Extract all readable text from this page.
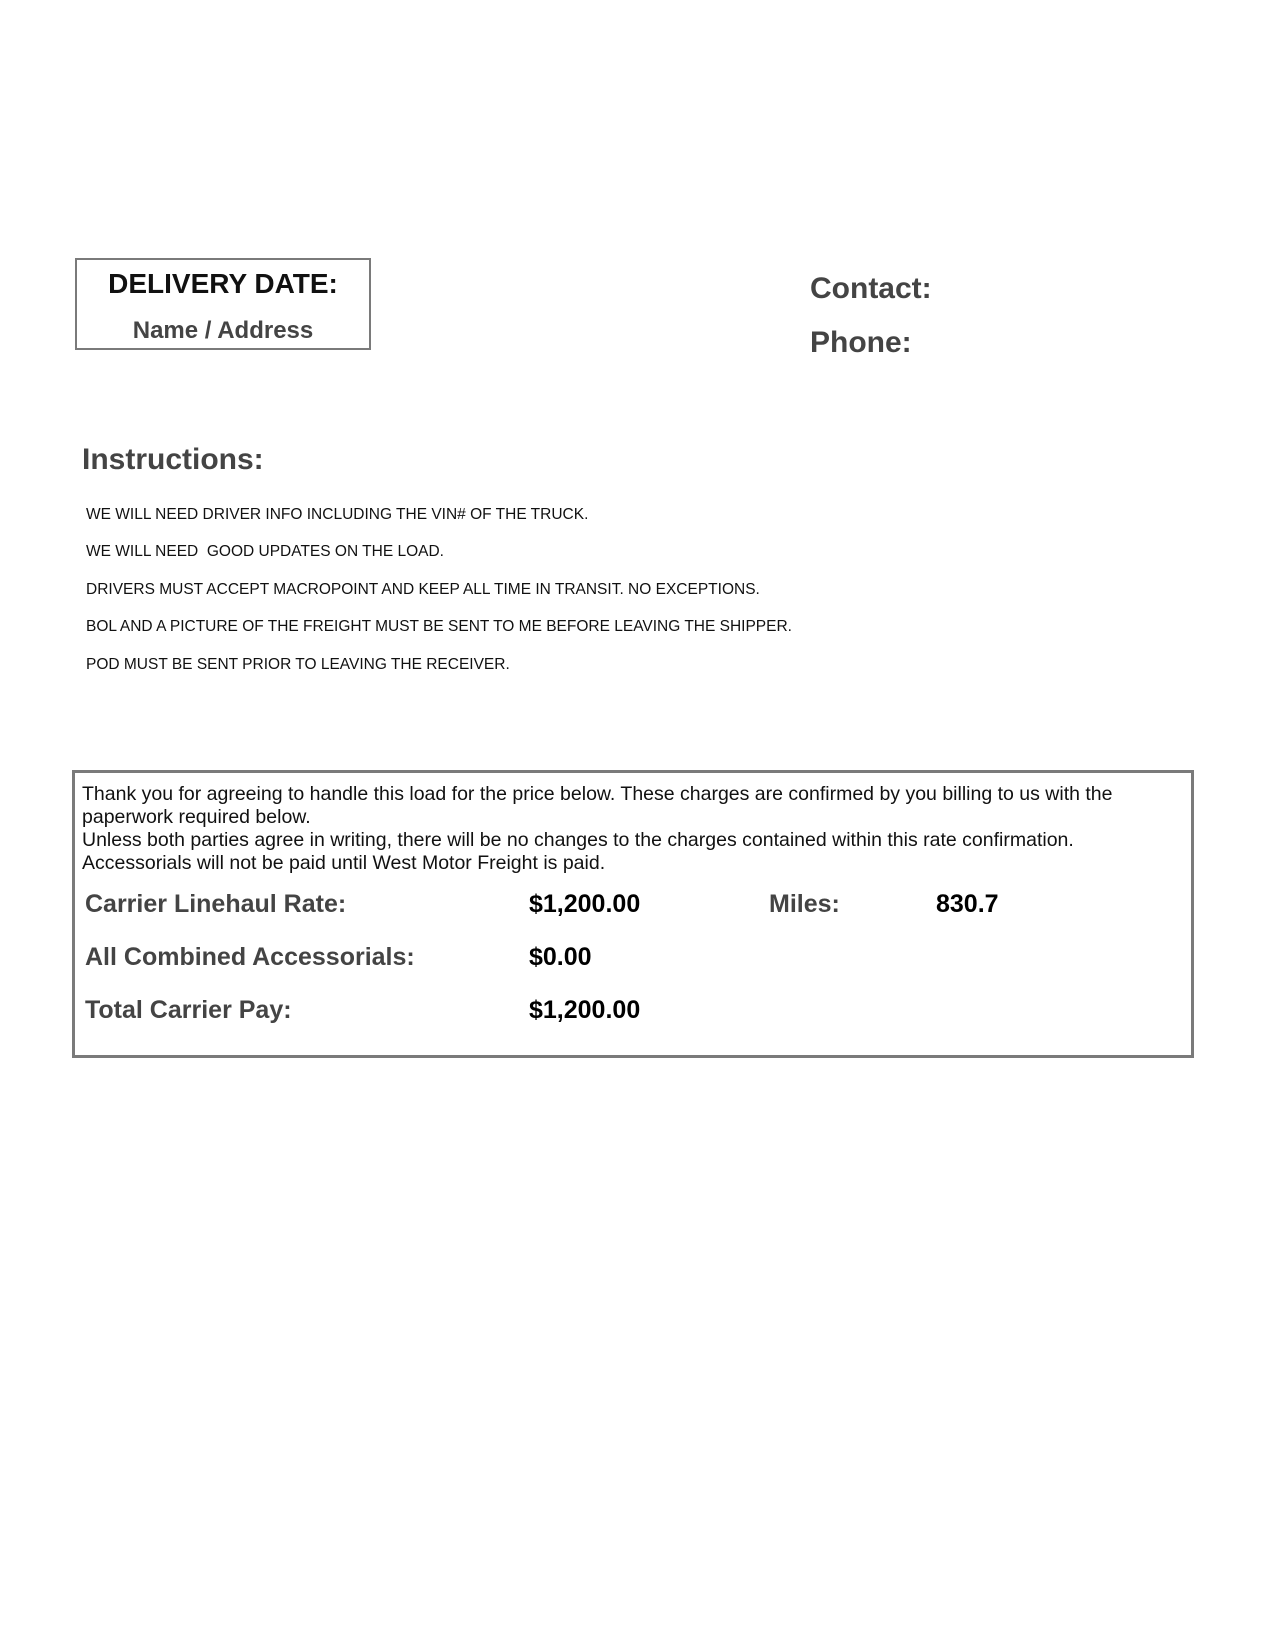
DELIVERY DATE:
Name / Address
Contact:
Phone:
Instructions:
WE WILL NEED DRIVER INFO INCLUDING THE VIN# OF THE TRUCK.
WE WILL NEED  GOOD UPDATES ON THE LOAD.
DRIVERS MUST ACCEPT MACROPOINT AND KEEP ALL TIME IN TRANSIT. NO EXCEPTIONS.
BOL AND A PICTURE OF THE FREIGHT MUST BE SENT TO ME BEFORE LEAVING THE SHIPPER.
POD MUST BE SENT PRIOR TO LEAVING THE RECEIVER.

Thank you for agreeing to handle this load for the price below. These charges are confirmed by you billing to us with the paperwork required below.

Unless both parties agree in writing, there will be no changes to the charges contained within this rate confirmation.

Accessorials will not be paid until West Motor Freight is paid.

Carrier Linehaul Rate:	$1,200.00	Miles:	830.7
All Combined Accessorials:	$0.00
Total Carrier Pay:	$1,200.00
